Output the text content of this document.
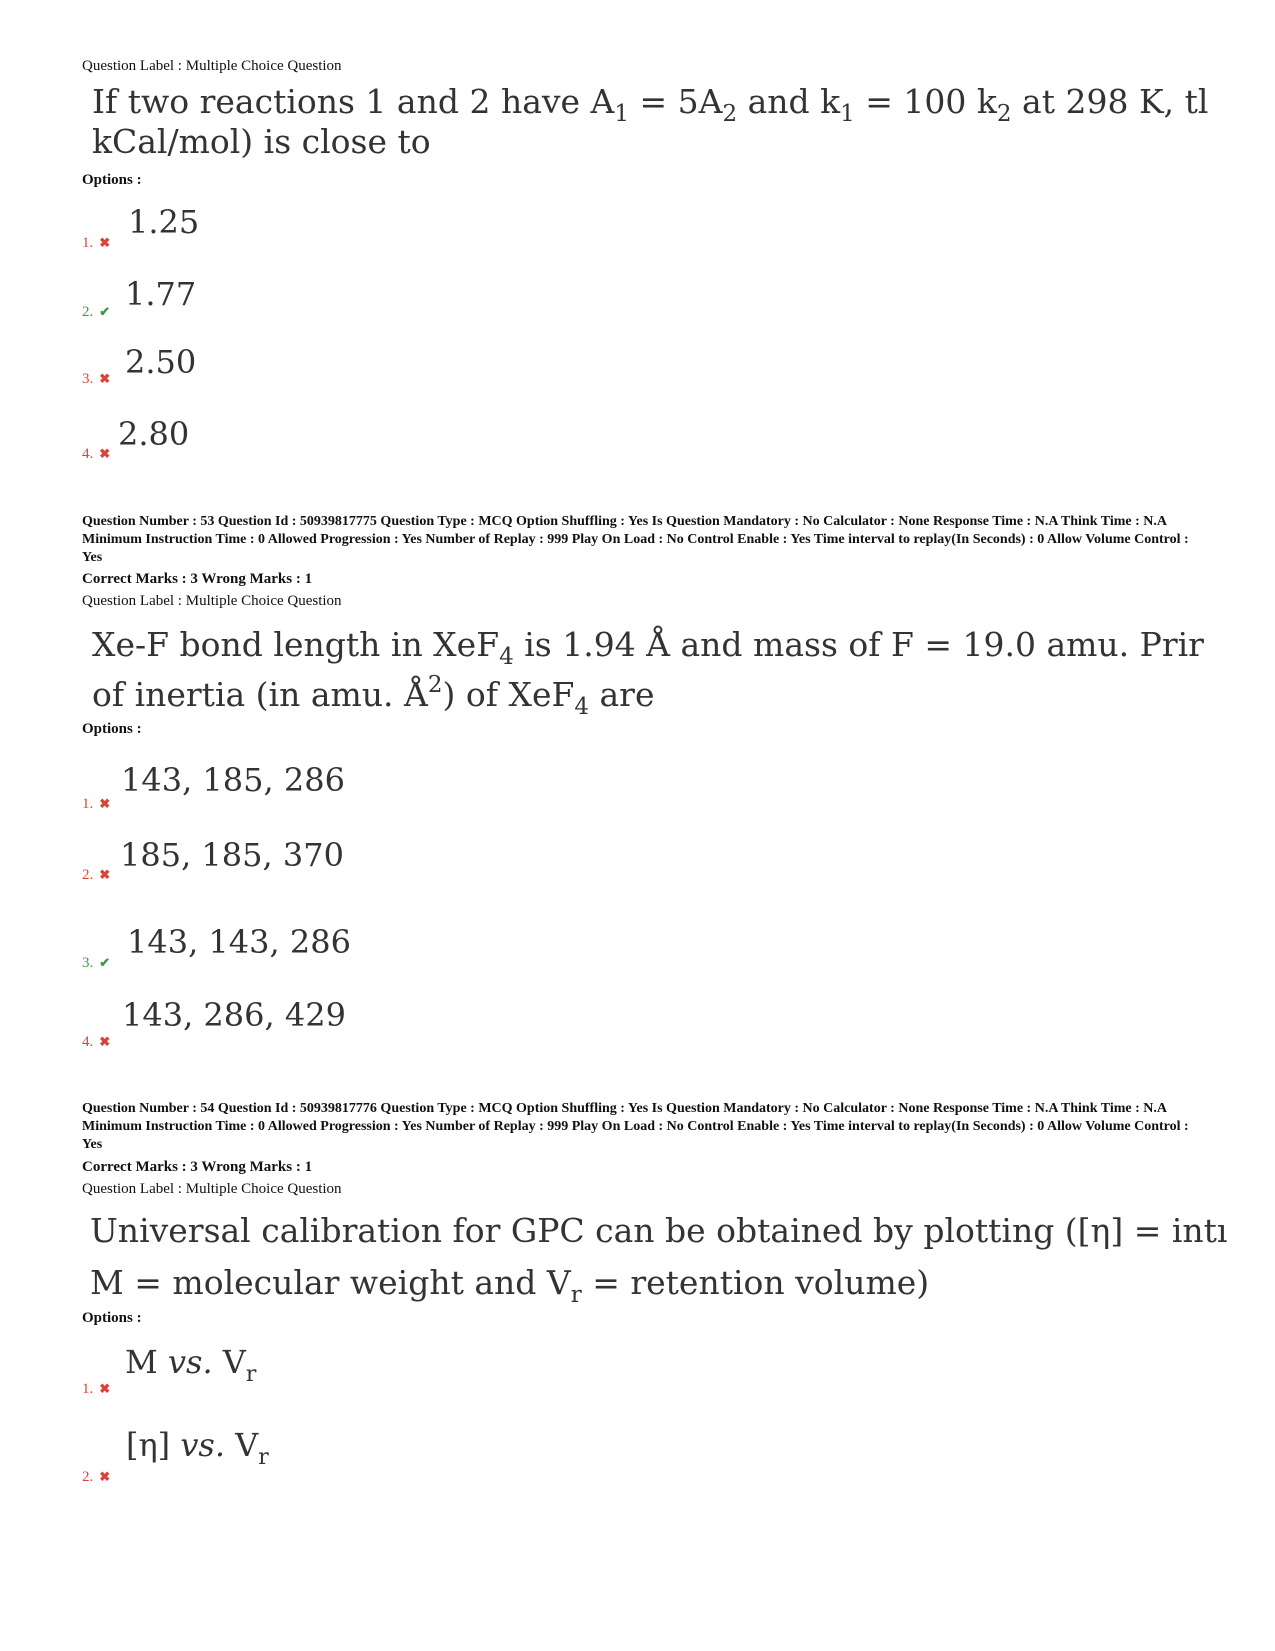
Question Label : Multiple Choice Question
If two reactions 1 and 2 have $A_1 = 5A_2$ and $k_1 = 100$ $k_2$ at 298 K, tl
kCal/mol) is close to
Options :
1.25
1. ✖
1.77
2. ✔
2.50
3. ✖
2.80
4. ✖
Question Number : 53 Question Id : 50939817775 Question Type : MCQ Option Shuffling : Yes Is Question Mandatory : No Calculator : None Response Time : N.A Think Time : N.A Minimum Instruction Time : 0 Allowed Progression : Yes Number of Replay : 999 Play On Load : No Control Enable : Yes Time interval to replay(In Seconds) : 0 Allow Volume Control : Yes
Correct Marks : 3 Wrong Marks : 1
Question Label : Multiple Choice Question
Xe-F bond length in XeF$_4$ is 1.94 Å and mass of F = 19.0 amu. Prir
of inertia (in amu. $Å^2$) of XeF$_4$ are
Options :
143, 185, 286
1. ✖
185, 185, 370
2. ✖
143, 143, 286
3. ✔
143, 286, 429
4. ✖
Question Number : 54 Question Id : 50939817776 Question Type : MCQ Option Shuffling : Yes Is Question Mandatory : No Calculator : None Response Time : N.A Think Time : N.A Minimum Instruction Time : 0 Allowed Progression : Yes Number of Replay : 999 Play On Load : No Control Enable : Yes Time interval to replay(In Seconds) : 0 Allow Volume Control : Yes
Correct Marks : 3 Wrong Marks : 1
Question Label : Multiple Choice Question
Universal calibration for GPC can be obtained by plotting ([η] = intı
M = molecular weight and $V_r$ = retention volume)
Options :
M vs. $V_r$
1. ✖
[η] vs. $V_r$
2. ✖
